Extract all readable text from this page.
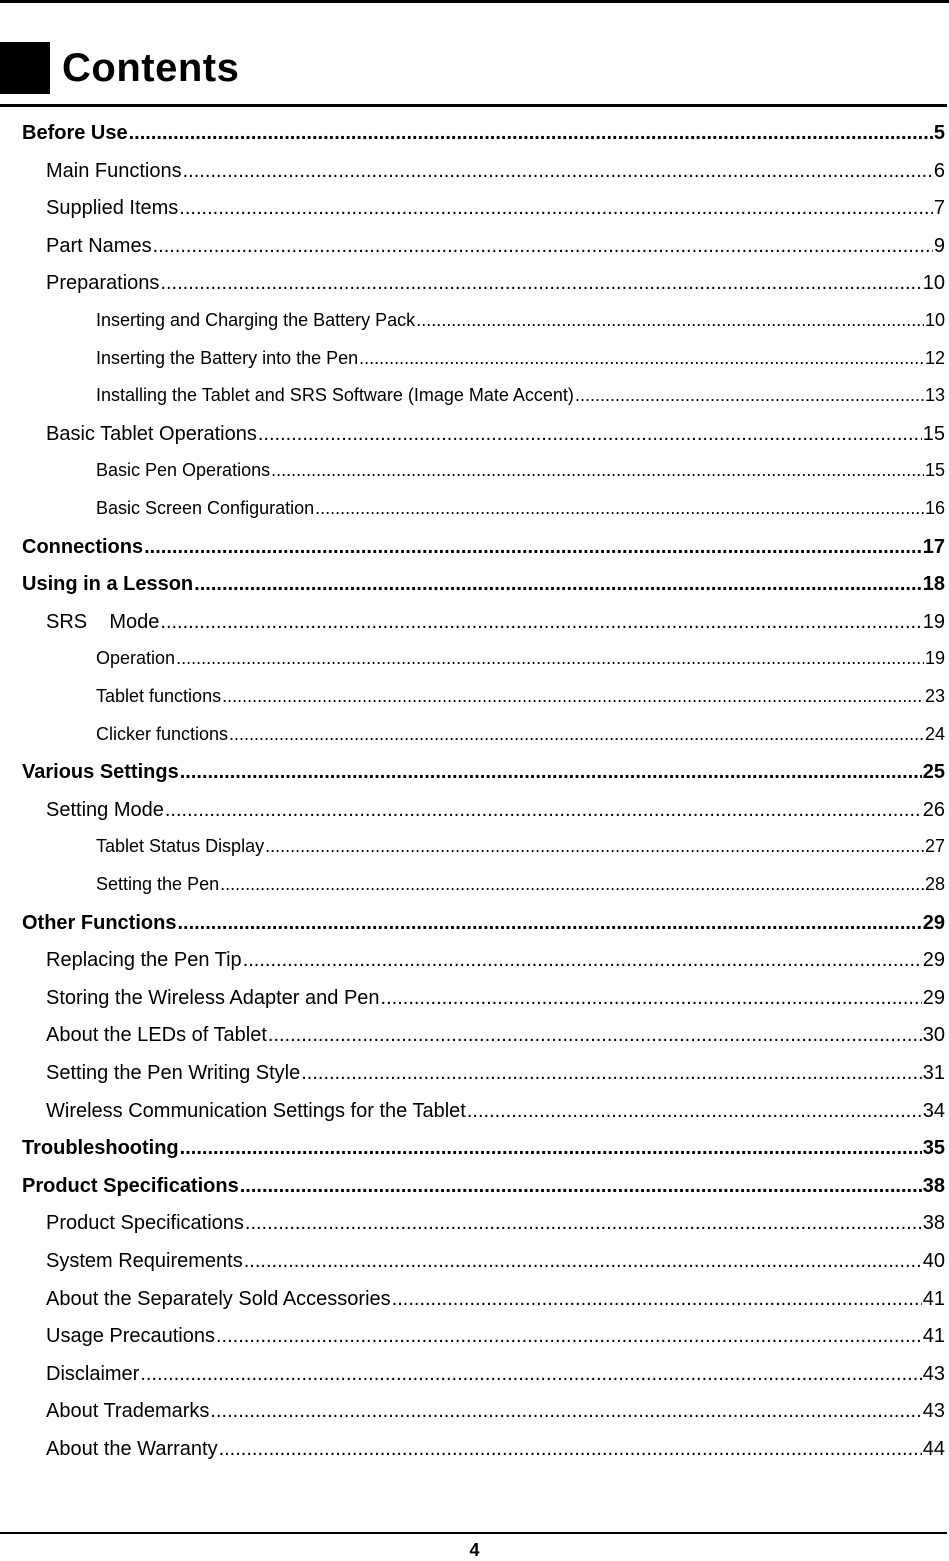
Contents
Before Use .....	5
Main Functions .....	6
Supplied Items .....	7
Part Names .....	9
Preparations .....	10
Inserting and Charging the Battery Pack .....	10
Inserting the Battery into the Pen .....	12
Installing the Tablet and SRS Software (Image Mate Accent) .....	13
Basic Tablet Operations .....	15
Basic Pen Operations .....	15
Basic Screen Configuration .....	16
Connections .....	17
Using in a Lesson .....	18
SRS    Mode .....	19
Operation .....	19
Tablet functions .....	23
Clicker functions .....	24
Various Settings .....	25
Setting Mode .....	26
Tablet Status Display .....	27
Setting the Pen .....	28
Other Functions .....	29
Replacing the Pen Tip .....	29
Storing the Wireless Adapter and Pen .....	29
About the LEDs of Tablet .....	30
Setting the Pen Writing Style .....	31
Wireless Communication Settings for the Tablet .....	34
Troubleshooting .....	35
Product Specifications .....	38
Product Specifications .....	38
System Requirements .....	40
About the Separately Sold Accessories .....	41
Usage Precautions .....	41
Disclaimer .....	43
About Trademarks .....	43
About the Warranty .....	44
4
